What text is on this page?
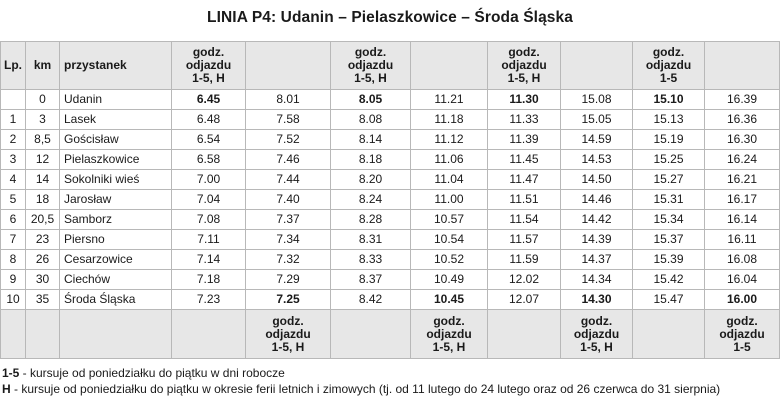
LINIA P4: Udanin – Pielaszkowice – Środa Śląska
Lp.	km	przystanek	godz.
odjazdu
1-5, H		godz.
odjazdu
1-5, H		godz.
odjazdu
1-5, H		godz.
odjazdu
1-5	

	0	Udanin	6.45	8.01	8.05	11.21	11.30	15.08	15.10	16.39
1	3	Lasek	6.48	7.58	8.08	11.18	11.33	15.05	15.13	16.36
2	8,5	Gościsław	6.54	7.52	8.14	11.12	11.39	14.59	15.19	16.30
3	12	Pielaszkowice	6.58	7.46	8.18	11.06	11.45	14.53	15.25	16.24
4	14	Sokolniki wieś	7.00	7.44	8.20	11.04	11.47	14.50	15.27	16.21
5	18	Jarosław	7.04	7.40	8.24	11.00	11.51	14.46	15.31	16.17
6	20,5	Samborz	7.08	7.37	8.28	10.57	11.54	14.42	15.34	16.14
7	23	Piersno	7.11	7.34	8.31	10.54	11.57	14.39	15.37	16.11
8	26	Cesarzowice	7.14	7.32	8.33	10.52	11.59	14.37	15.39	16.08
9	30	Ciechów	7.18	7.29	8.37	10.49	12.02	14.34	15.42	16.04
10	35	Środa Śląska	7.23	7.25	8.42	10.45	12.07	14.30	15.47	16.00

				godz.
odjazdu
1-5, H		godz.
odjazdu
1-5, H		godz.
odjazdu
1-5, H		godz.
odjazdu
1-5
1-5 - kursuje od poniedziałku do piątku w dni robocze
H - kursuje od poniedziałku do piątku w okresie ferii letnich i zimowych (tj. od 11 lutego do 24 lutego oraz od 26 czerwca do 31 sierpnia)
